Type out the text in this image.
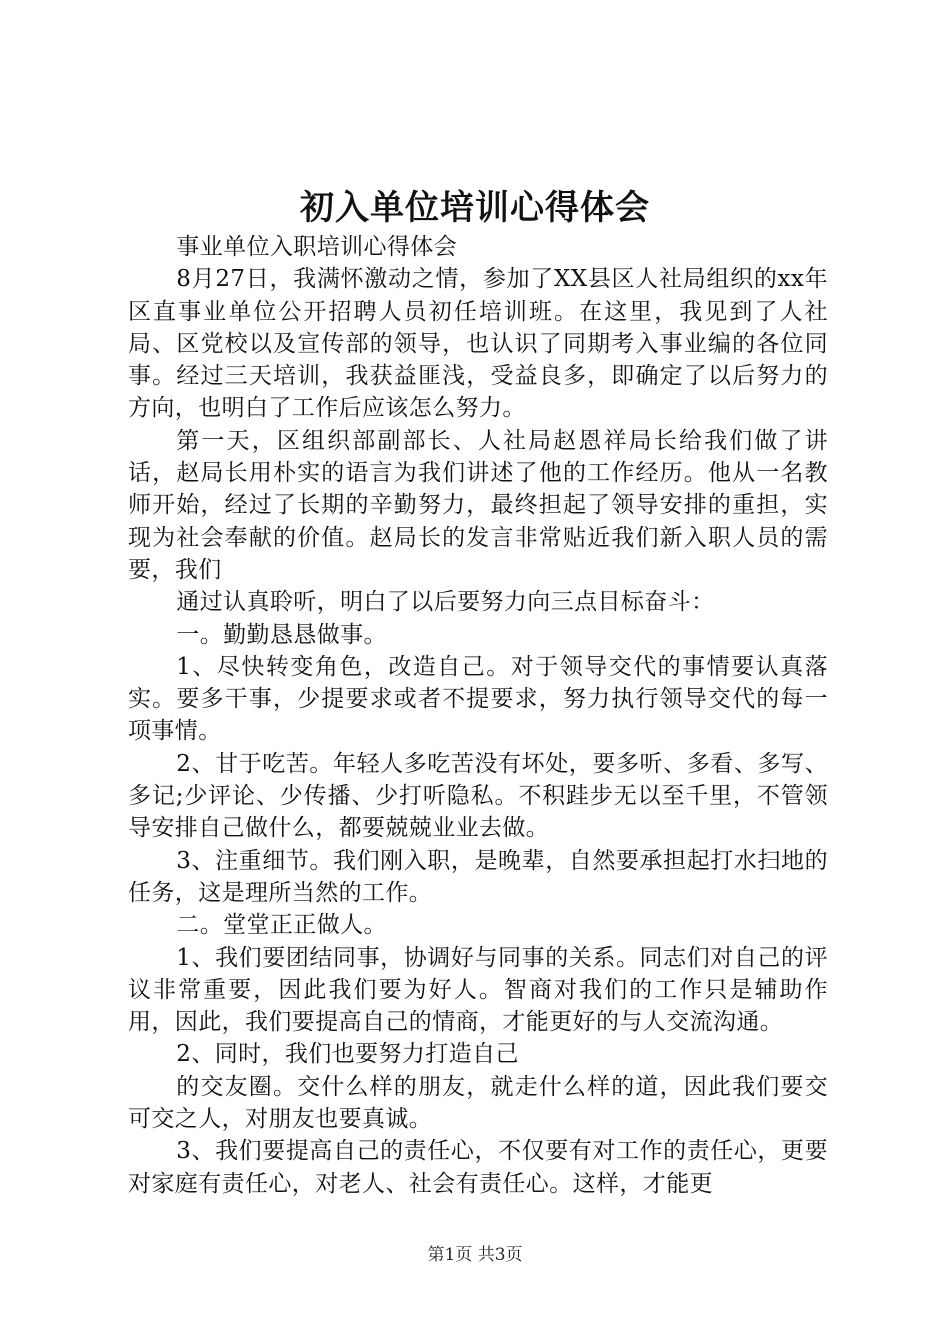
初入单位培训心得体会

事业单位入职培训心得体会

8月27日，我满怀激动之情，参加了XX县区人社局组织的xx年区直事业单位公开招聘人员初任培训班。在这里，我见到了人社局、区党校以及宣传部的领导，也认识了同期考入事业编的各位同事。经过三天培训，我获益匪浅，受益良多，即确定了以后努力的方向，也明白了工作后应该怎么努力。

第一天，区组织部副部长、人社局赵恩祥局长给我们做了讲话，赵局长用朴实的语言为我们讲述了他的工作经历。他从一名教师开始，经过了长期的辛勤努力，最终担起了领导安排的重担，实现为社会奉献的价值。赵局长的发言非常贴近我们新入职人员的需要，我们

通过认真聆听，明白了以后要努力向三点目标奋斗：

一。勤勤恳恳做事。

1、尽快转变角色，改造自己。对于领导交代的事情要认真落实。要多干事，少提要求或者不提要求，努力执行领导交代的每一项事情。

2、甘于吃苦。年轻人多吃苦没有坏处，要多听、多看、多写、多记;少评论、少传播、少打听隐私。不积跬步无以至千里，不管领导安排自己做什么，都要兢兢业业去做。

3、注重细节。我们刚入职，是晚辈，自然要承担起打水扫地的任务，这是理所当然的工作。

二。堂堂正正做人。

1、我们要团结同事，协调好与同事的关系。同志们对自己的评议非常重要，因此我们要为好人。智商对我们的工作只是辅助作用，因此，我们要提高自己的情商，才能更好的与人交流沟通。

2、同时，我们也要努力打造自己

的交友圈。交什么样的朋友，就走什么样的道，因此我们要交可交之人，对朋友也要真诚。

3、我们要提高自己的责任心，不仅要有对工作的责任心，更要对家庭有责任心，对老人、社会有责任心。这样，才能更

第1页 共3页
